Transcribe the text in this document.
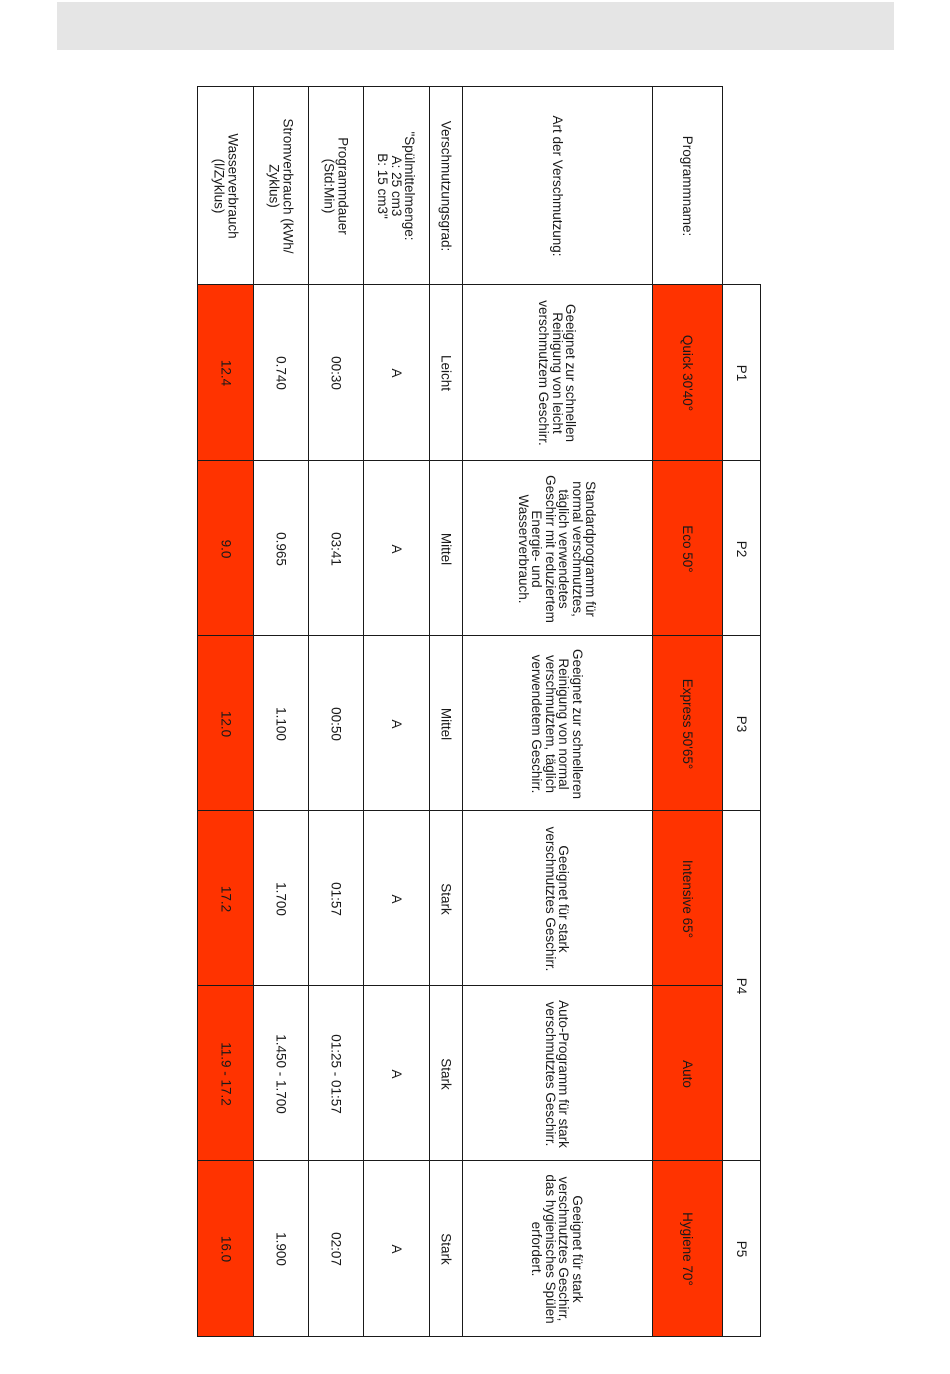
P1
P2
P3
P4
P5
Programmname:
Quick 30'40°
Eco 50°
Express 50'65°
Intensive 65°
Auto
Hygiene 70°
Art der Verschmutzung:
Geeignet zur schnellen Reinigung von leicht verschmutzem Geschirr.
Standardprogramm für normal verschmutztes, täglich verwendetes Geschirr mit reduziertem Energie- und Wasserverbrauch.
Geeignet zur schnelleren Reinigung von normal verschmutztem, täglich verwendetem Geschirr.
Geeignet für stark verschmutztes Geschirr.
Auto-Programm für stark verschmutztes Geschirr.
Geeignet für stark verschmutztes Geschirr, das hygienisches Spülen erfordert.
Verschmutzungsgrad:
Leicht
Mittel
Mittel
Stark
Stark
Stark
"Spülmittelmenge:
A: 25 cm3
B: 15 cm3"
A
A
A
A
A
A
Programmdauer
(Std:Min)
00:30
03:41
00:50
01:57
01:25 - 01:57
02:07
Stromverbrauch (kWh/
Zyklus)
0.740
0.965
1.100
1.700
1.450 - 1.700
1.900
Wasserverbrauch
(l/Zyklus)
12.4
9.0
12.0
17.2
11.9 - 17.2
16.0
